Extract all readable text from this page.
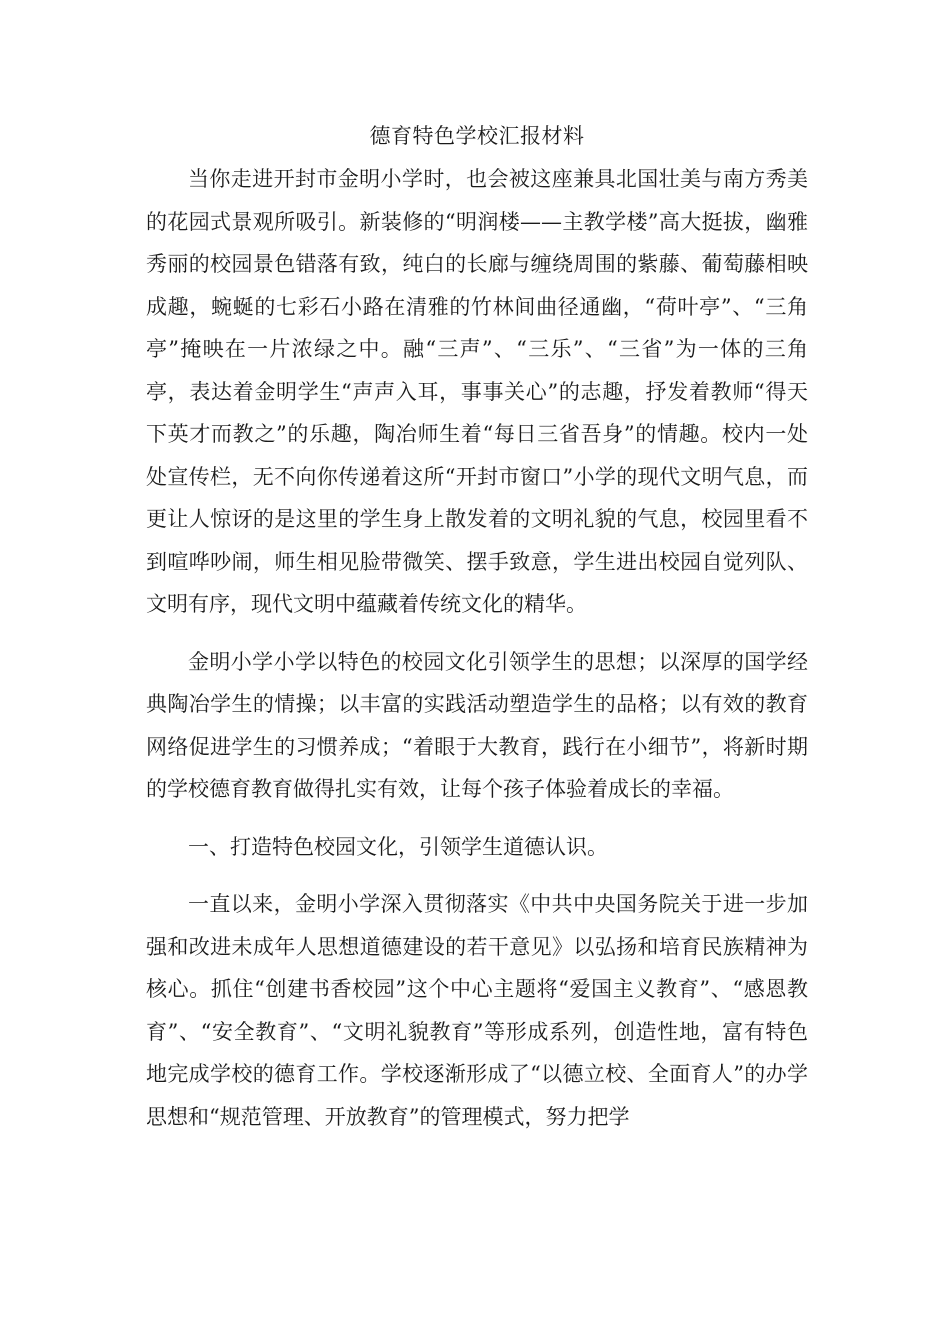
德育特色学校汇报材料

当你走进开封市金明小学时，也会被这座兼具北国壮美与南方秀美的花园式景观所吸引。新装修的“明润楼——主教学楼”高大挺拔，幽雅秀丽的校园景色错落有致，纯白的长廊与缠绕周围的紫藤、葡萄藤相映成趣，蜿蜒的七彩石小路在清雅的竹林间曲径通幽，“荷叶亭”、“三角亭”掩映在一片浓绿之中。融“三声”、“三乐”、“三省”为一体的三角亭，表达着金明学生“声声入耳，事事关心”的志趣，抒发着教师“得天下英才而教之”的乐趣，陶冶师生着“每日三省吾身”的情趣。校内一处处宣传栏，无不向你传递着这所“开封市窗口”小学的现代文明气息，而更让人惊讶的是这里的学生身上散发着的文明礼貌的气息，校园里看不到喧哗吵闹，师生相见脸带微笑、摆手致意，学生进出校园自觉列队、文明有序，现代文明中蕴藏着传统文化的精华。

金明小学小学以特色的校园文化引领学生的思想；以深厚的国学经典陶冶学生的情操；以丰富的实践活动塑造学生的品格；以有效的教育网络促进学生的习惯养成；“着眼于大教育，践行在小细节”，将新时期的学校德育教育做得扎实有效，让每个孩子体验着成长的幸福。

一、打造特色校园文化，引领学生道德认识。

一直以来，金明小学深入贯彻落实《中共中央国务院关于进一步加强和改进未成年人思想道德建设的若干意见》以弘扬和培育民族精神为核心。抓住“创建书香校园”这个中心主题将“爱国主义教育”、“感恩教育”、“安全教育”、“文明礼貌教育”等形成系列，创造性地，富有特色地完成学校的德育工作。学校逐渐形成了“以德立校、全面育人”的办学思想和“规范管理、开放教育”的管理模式，努力把学
